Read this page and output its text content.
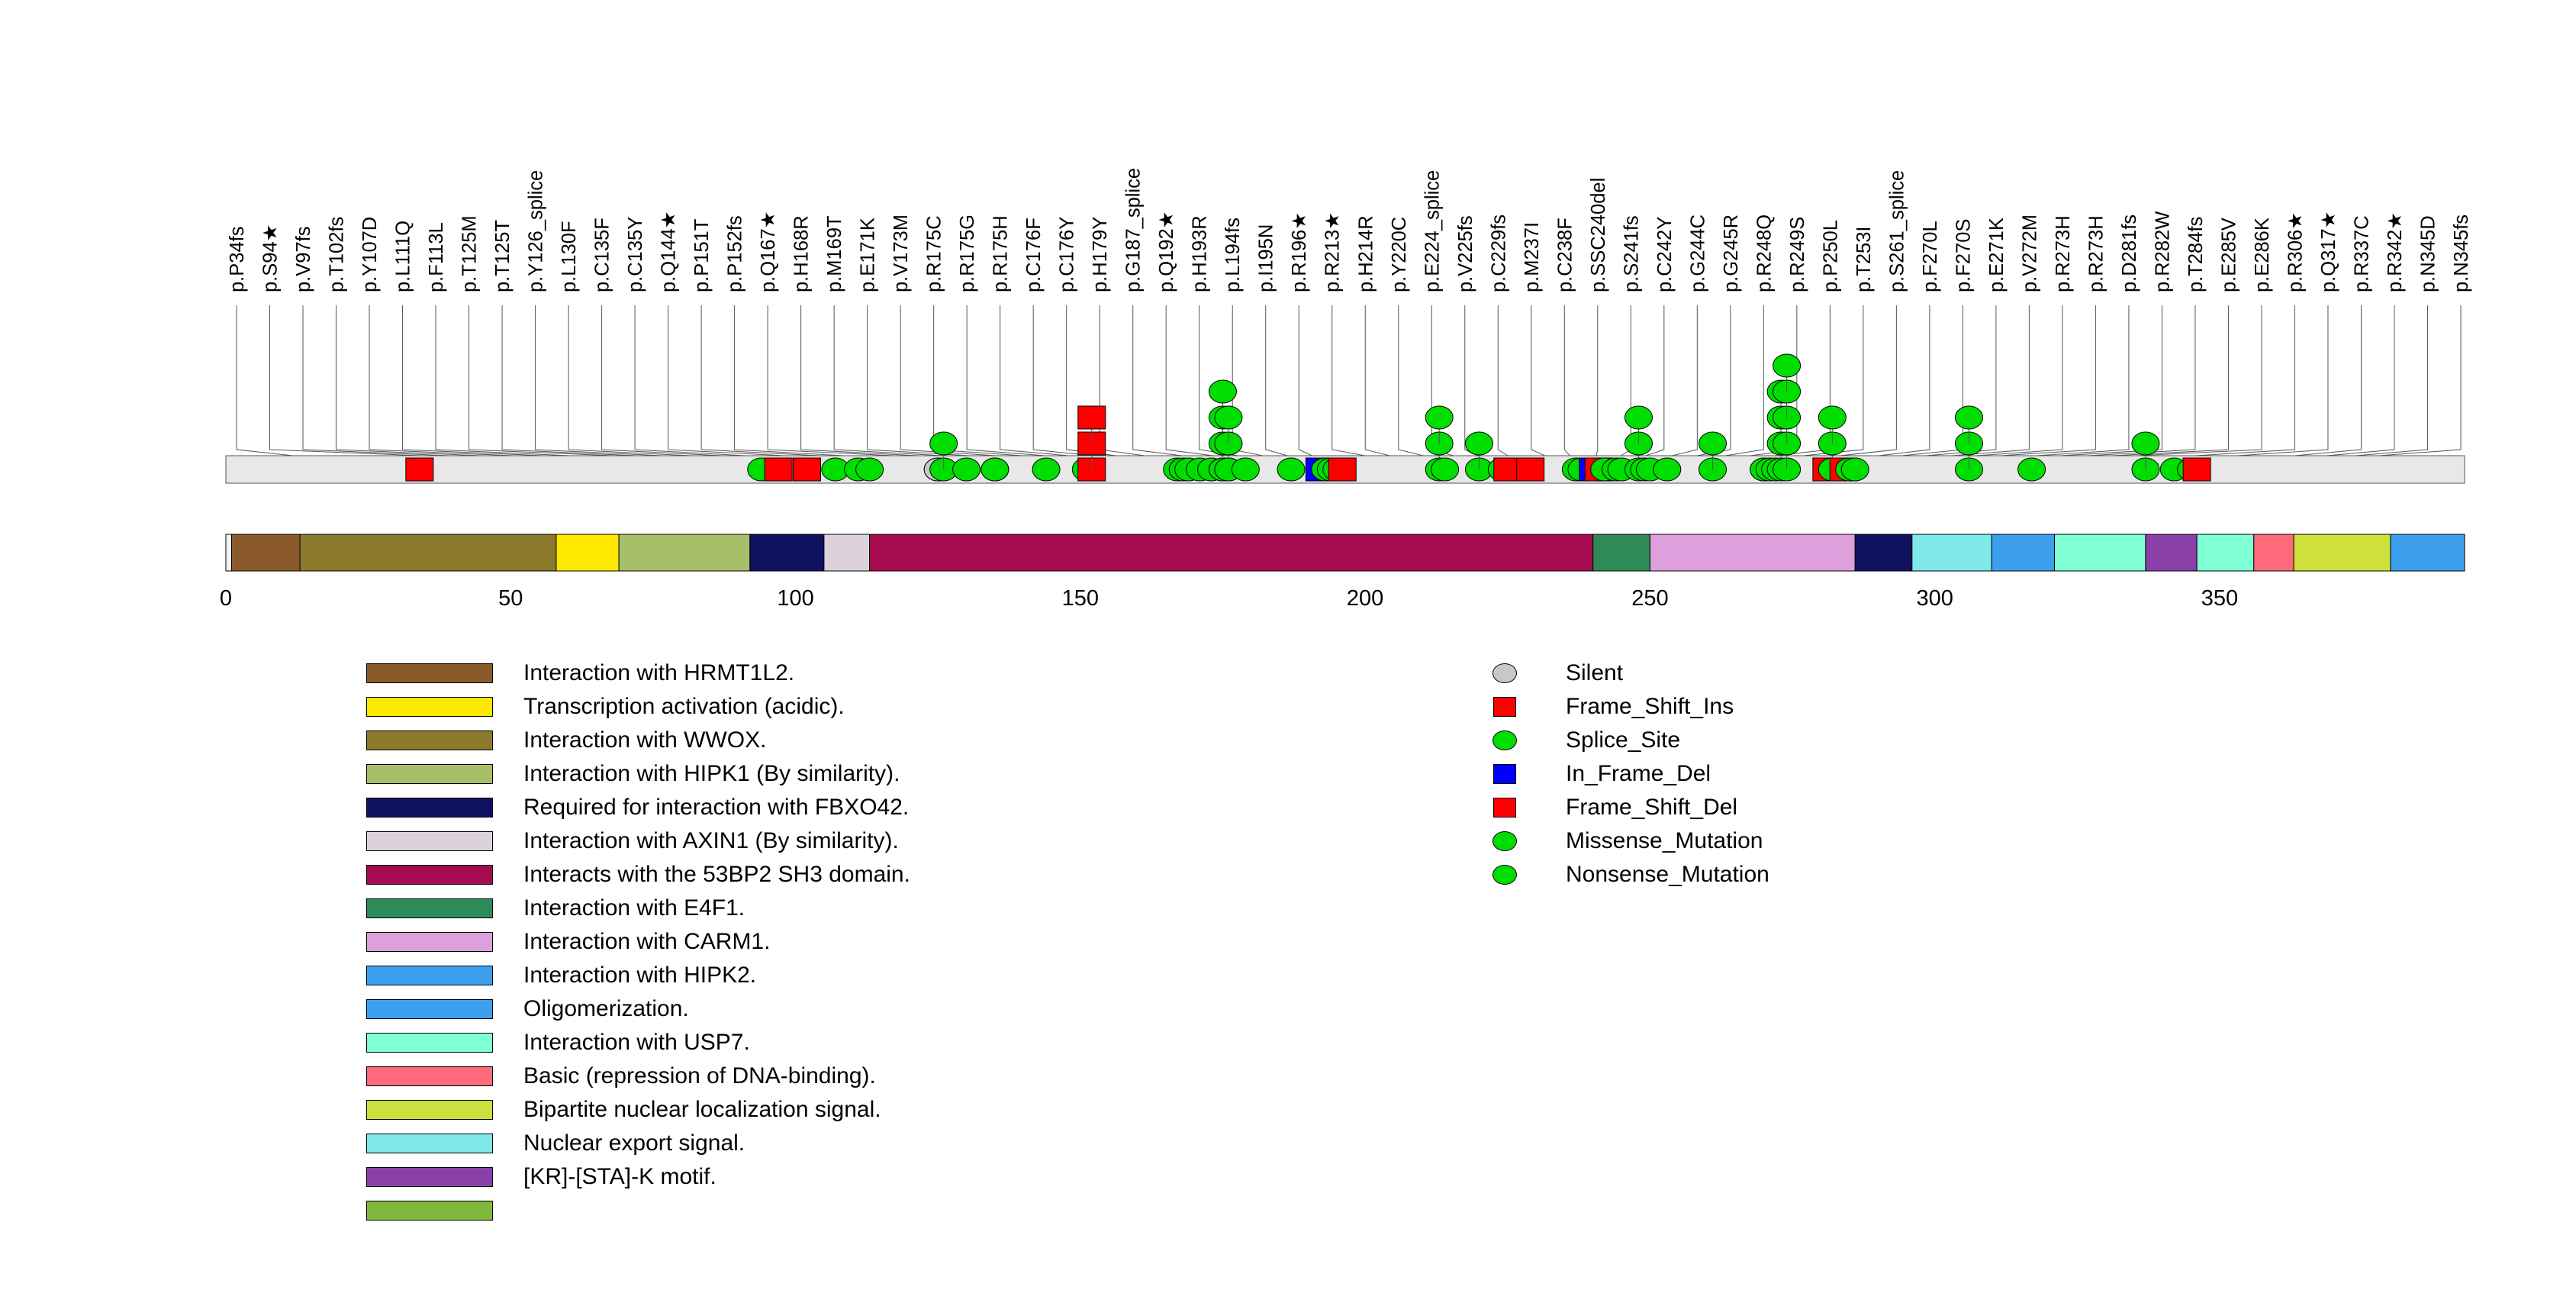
p.P34fs p.S94★ p.V97fs p.T102fs p.Y107D p.L111Q p.F113L p.T125M p.T125T p.Y126_splice p.L130F p.C135F p.C135Y p.Q144★ p.P151T p.P152fs p.Q167★ p.H168R p.M169T p.E171K p.V173M p.R175C p.R175G p.R175H p.C176F p.C176Y p.H179Y p.G187_splice p.Q192★ p.H193R p.L194fs p.I195N p.R196★ p.R213★ p.H214R p.Y220C p.E224_splice p.V225fs p.C229fs p.M237I p.C238F p.SSC240del p.S241fs p.C242Y p.G244C p.G245R p.R248Q p.R249S p.P250L p.T253I p.S261_splice p.F270L p.F270S p.E271K p.V272M p.R273H p.R273H p.D281fs p.R282W p.T284fs p.E285V p.E286K p.R306★ p.Q317★ p.R337C p.R342★ p.N345D p.N345fs
0	50	100	150	200	250	300	350
Interaction with HRMT1L2.
Transcription activation (acidic).
Interaction with WWOX.
Interaction with HIPK1 (By similarity).
Required for interaction with FBXO42.
Interaction with AXIN1 (By similarity).
Interacts with the 53BP2 SH3 domain.
Interaction with E4F1.
Interaction with CARM1.
Interaction with HIPK2.
Oligomerization.
Interaction with USP7.
Basic (repression of DNA-binding).
Bipartite nuclear localization signal.
Nuclear export signal.
[KR]-[STA]-K motif.
Silent
Frame_Shift_Ins
Splice_Site
In_Frame_Del
Frame_Shift_Del
Missense_Mutation
Nonsense_Mutation
